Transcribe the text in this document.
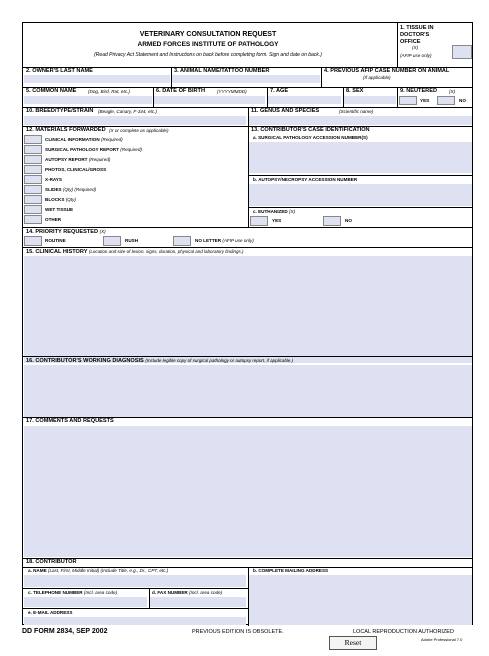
VETERINARY CONSULTATION REQUEST
ARMED FORCES INSTITUTE OF PATHOLOGY
(Read Privacy Act Statement and Instructions on back before completing form. Sign and date on back.)
1. TISSUE IN DOCTOR'S OFFICE
(X)
(AFIP use only)
2. OWNER'S LAST NAME	3. ANIMAL NAME/TATTOO NUMBER	4. PREVIOUS AFIP CASE NUMBER ON ANIMAL
(If applicable)
5. COMMON NAME	(Dog, Bird, Rat, etc.)	6. DATE OF BIRTH	(YYYYMMDD)	7. AGE	8. SEX	9. NEUTERED	(X)
YES	NO
10. BREED/TYPE/STRAIN (Beagle, Canary, F-344, etc.)	11. GENUS AND SPECIES	(Scientific name)
12. MATERIALS FORWARDED (X or complete as applicable)
CLINICAL INFORMATION (Required)
SURGICAL PATHOLOGY REPORT (Required)
AUTOPSY REPORT (Required)
PHOTOS, CLINICAL/GROSS
X-RAYS
SLIDES (Qty) (Required)
BLOCKS (Qty)
WET TISSUE
OTHER
13. CONTRIBUTOR'S CASE IDENTIFICATION
a. SURGICAL PATHOLOGY ACCESSION NUMBER(S)
b. AUTOPSY/NECROPSY ACCESSION NUMBER
c. EUTHANIZED (X)
YES	NO
14. PRIORITY REQUESTED (X)
ROUTINE	RUSH	NO LETTER (AFIP use only)
15. CLINICAL HISTORY (Location and size of lesion, signs, duration, physical and laboratory findings.)
16. CONTRIBUTOR'S WORKING DIAGNOSIS (Include legible copy of surgical pathology or autopsy report, if applicable.)
17. COMMENTS AND REQUESTS
18. CONTRIBUTOR
a. NAME (Last, First, Middle Initial) (Include Title, e.g., Dr., CPT, etc.)	b. COMPLETE MAILING ADDRESS
c. TELEPHONE NUMBER (Incl. area code)	d. FAX NUMBER (Incl. area code)
e. E-MAIL ADDRESS
DD FORM 2834, SEP 2002	PREVIOUS EDITION IS OBSOLETE.	LOCAL REPRODUCTION AUTHORIZED
Adobe Professional 7.0
Reset
